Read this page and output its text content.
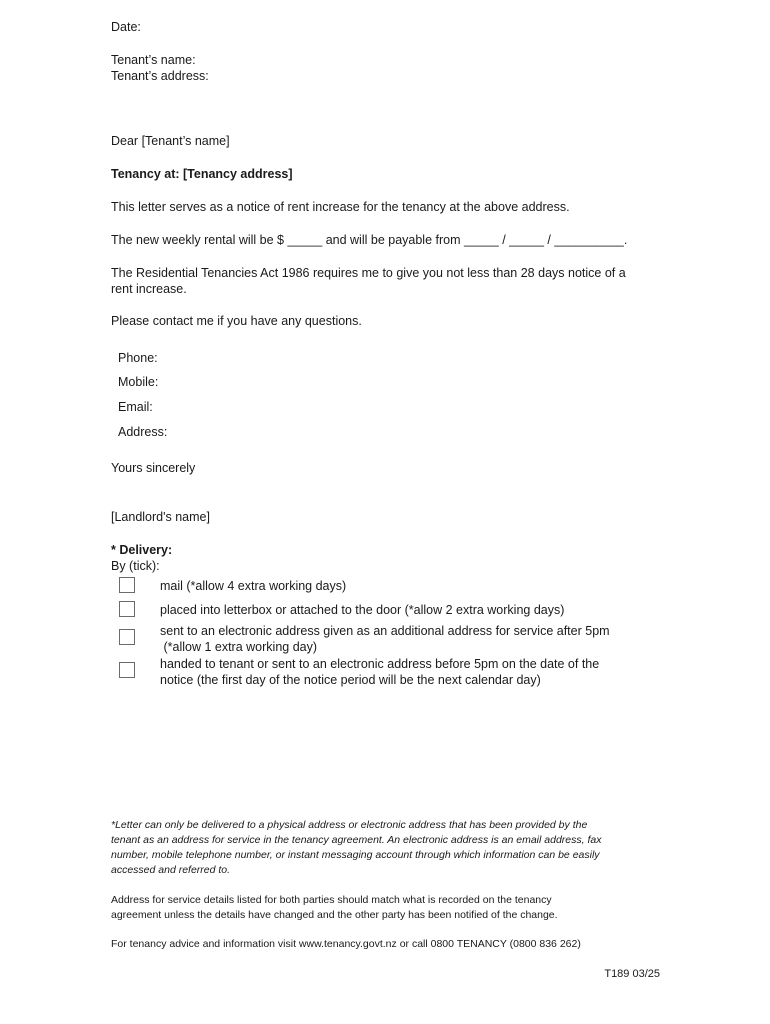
Date:
Tenant’s name:
Tenant’s address:
Dear [Tenant’s name]
Tenancy at: [Tenancy address]
This letter serves as a notice of rent increase for the tenancy at the above address.
The new weekly rental will be $ _____ and will be payable from _____ / _____ / __________.
The Residential Tenancies Act 1986 requires me to give you not less than 28 days notice of a
rent increase.
Please contact me if you have any questions.
Phone:
Mobile:
Email:
Address:
Yours sincerely
[Landlord's name]
* Delivery:
By (tick):
mail (*allow 4 extra working days)
placed into letterbox or attached to the door (*allow 2 extra working days)
sent to an electronic address given as an additional address for service after 5pm
(*allow 1 extra working day)
handed to tenant or sent to an electronic address before 5pm on the date of the
notice (the first day of the notice period will be the next calendar day)
*Letter can only be delivered to a physical address or electronic address that has been provided by the
tenant as an address for service in the tenancy agreement. An electronic address is an email address, fax
number, mobile telephone number, or instant messaging account through which information can be easily
accessed and referred to.
Address for service details listed for both parties should match what is recorded on the tenancy
agreement unless the details have changed and the other party has been notified of the change.
For tenancy advice and information visit www.tenancy.govt.nz or call 0800 TENANCY (0800 836 262)
T189 03/25
